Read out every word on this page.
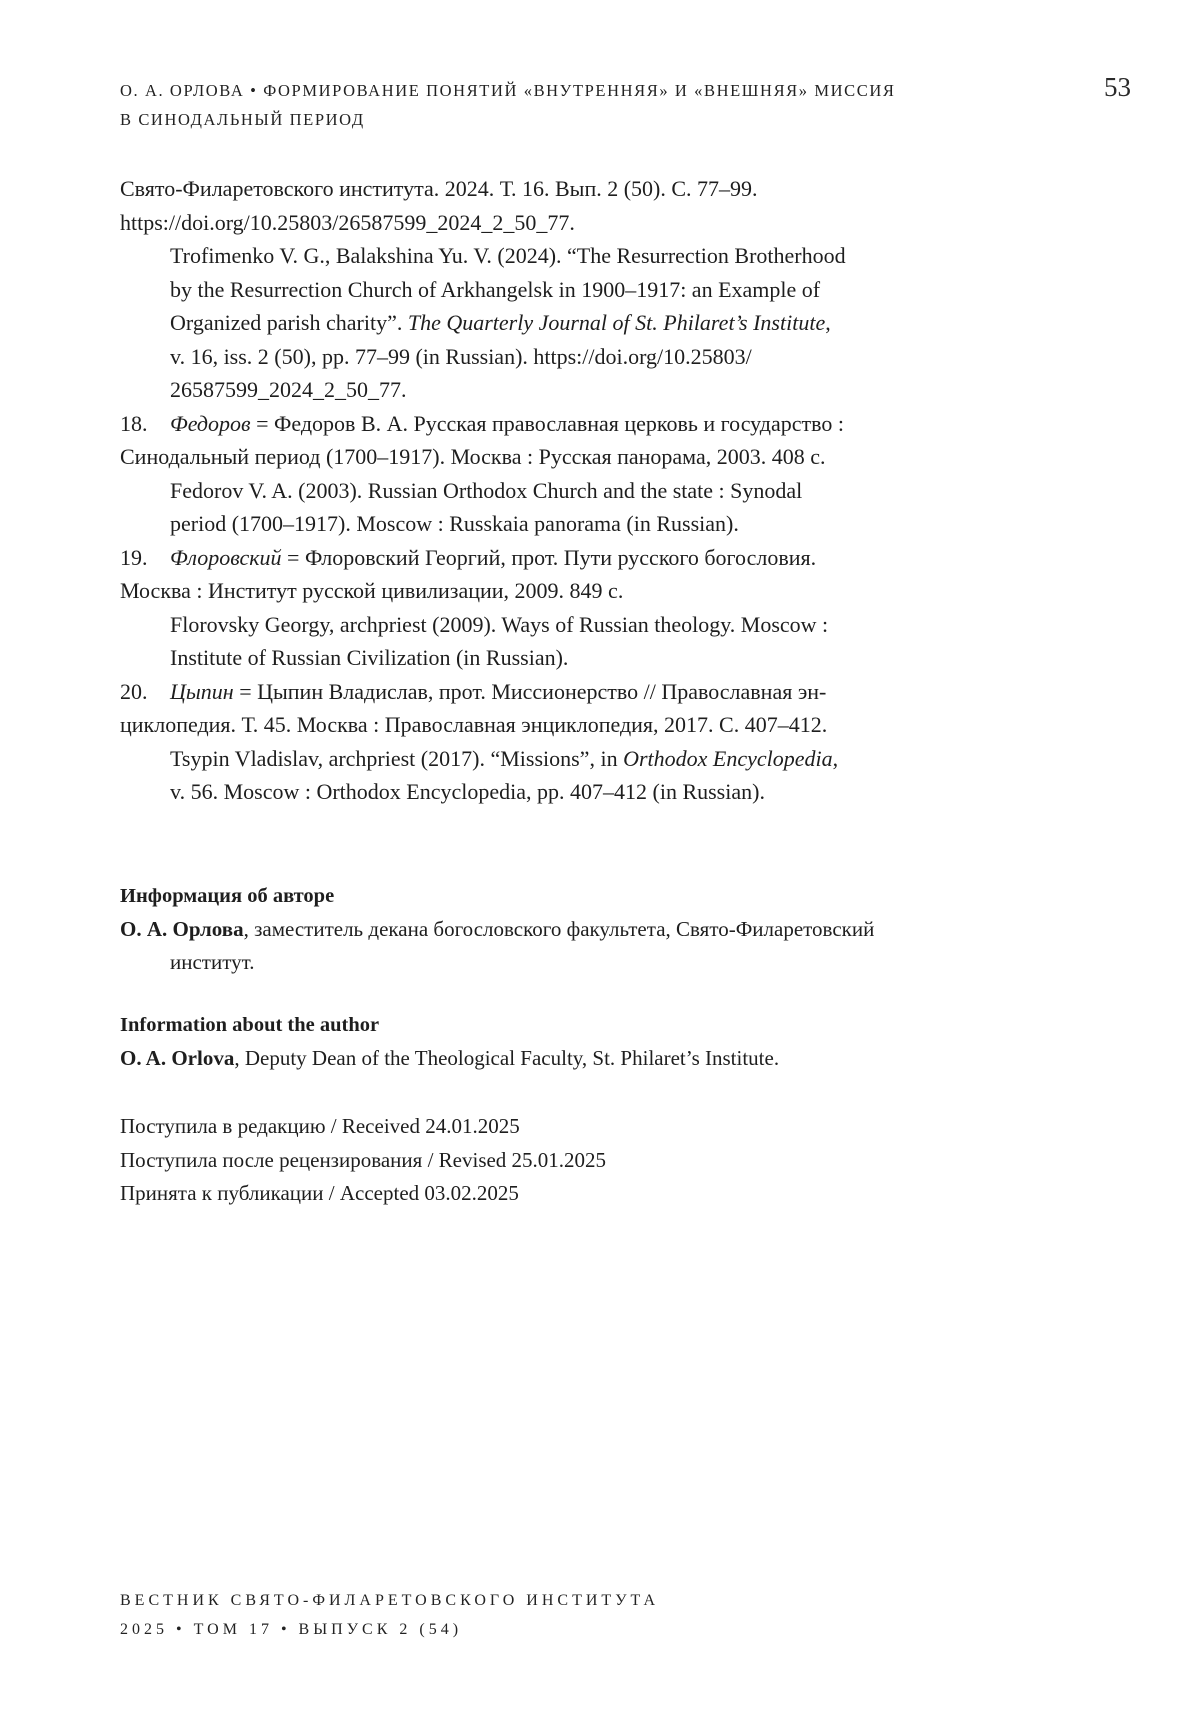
О. А. ОРЛОВА • ФОРМИРОВАНИЕ ПОНЯТИЙ «ВНУТРЕННЯЯ» И «ВНЕШНЯЯ» МИССИЯ
В СИНОДАЛЬНЫЙ ПЕРИОД
53
Свято-Филаретовского института. 2024. Т. 16. Вып. 2 (50). С. 77–99.
https://doi.org/10.25803/26587599_2024_2_50_77.
Trofimenko V. G., Balakshina Yu. V. (2024). “The Resurrection Brotherhood
by the Resurrection Church of Arkhangelsk in 1900–1917: an Example of
Organized parish charity”. The Quarterly Journal of St. Philaret’s Institute,
v. 16, iss. 2 (50), pp. 77–99 (in Russian). https://doi.org/10.25803/
26587599_2024_2_50_77.
18. Федоров = Федоров В. А. Русская православная церковь и государство :
Синодальный период (1700–1917). Москва : Русская панорама, 2003. 408 с.
Fedorov V. A. (2003). Russian Orthodox Church and the state : Synodal
period (1700–1917). Moscow : Russkaia panorama (in Russian).
19. Флоровский = Флоровский Георгий, прот. Пути русского богословия.
Москва : Институт русской цивилизации, 2009. 849 с.
Florovsky Georgy, archpriest (2009). Ways of Russian theology. Moscow :
Institute of Russian Civilization (in Russian).
20. Цыпин = Цыпин Владислав, прот. Миссионерство // Православная эн-
циклопедия. Т. 45. Москва : Православная энциклопедия, 2017. С. 407–412.
Tsypin Vladislav, archpriest (2017). “Missions”, in Orthodox Encyclopedia,
v. 56. Moscow : Orthodox Encyclopedia, pp. 407–412 (in Russian).
Информация об авторе
О. А. Орлова, заместитель декана богословского факультета, Свято-Филаретовский
институт.
Information about the author
O. A. Orlova, Deputy Dean of the Theological Faculty, St. Philaret’s Institute.
Поступила в редакцию / Received 24.01.2025
Поступила после рецензирования / Revised 25.01.2025
Принята к публикации / Accepted 03.02.2025
ВЕСТНИК СВЯТО-ФИЛАРЕТОВСКОГО ИНСТИТУТА
2025 • ТОМ 17 • ВЫПУСК 2 (54)
